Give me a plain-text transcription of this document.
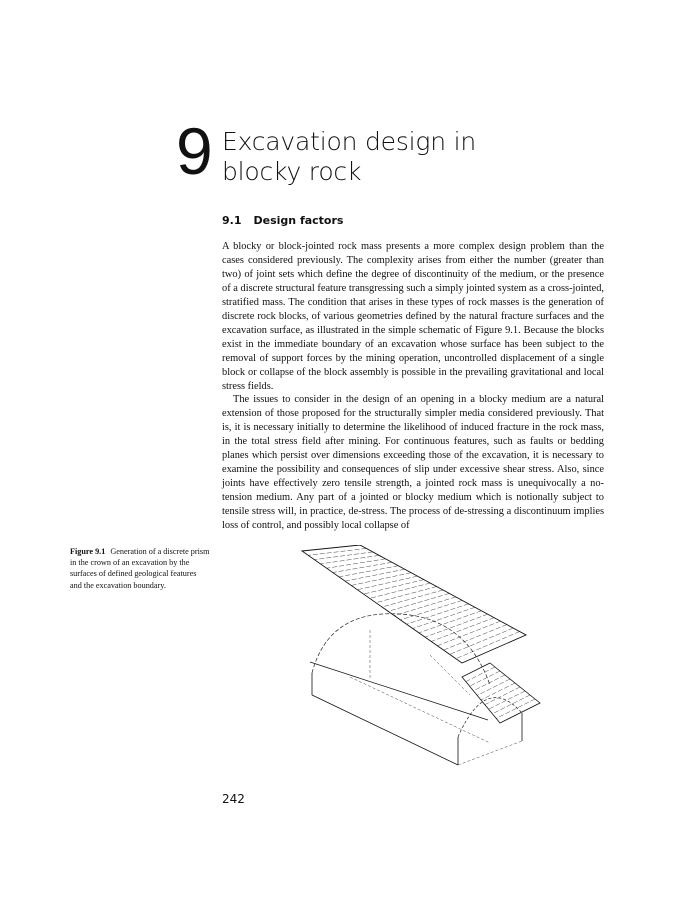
9 Excavation design in
blocky rock
9.1 Design factors

A blocky or block-jointed rock mass presents a more complex design problem than the cases considered previously. The complexity arises from either the number (greater than two) of joint sets which define the degree of discontinuity of the medium, or the presence of a discrete structural feature transgressing such a simply jointed system as a cross-jointed, stratified mass. The condition that arises in these types of rock masses is the generation of discrete rock blocks, of various geometries defined by the natural fracture surfaces and the excavation surface, as illustrated in the simple schematic of Figure 9.1. Because the blocks exist in the immediate boundary of an excavation whose surface has been subject to the removal of support forces by the mining operation, uncontrolled displacement of a single block or collapse of the block assembly is possible in the prevailing gravitational and local stress fields.

The issues to consider in the design of an opening in a blocky medium are a natural extension of those proposed for the structurally simpler media considered previously. That is, it is necessary initially to determine the likelihood of induced fracture in the rock mass, in the total stress field after mining. For continuous features, such as faults or bedding planes which persist over dimensions exceeding those of the excavation, it is necessary to examine the possibility and consequences of slip under excessive shear stress. Also, since joints have effectively zero tensile strength, a jointed rock mass is unequivocally a no-tension medium. Any part of a jointed or blocky medium which is notionally subject to tensile stress will, in practice, de-stress. The process of de-stressing a discontinuum implies loss of control, and possibly local collapse of

Figure 9.1 Generation of a discrete prism in the crown of an excavation by the surfaces of defined geological features and the excavation boundary.
242
